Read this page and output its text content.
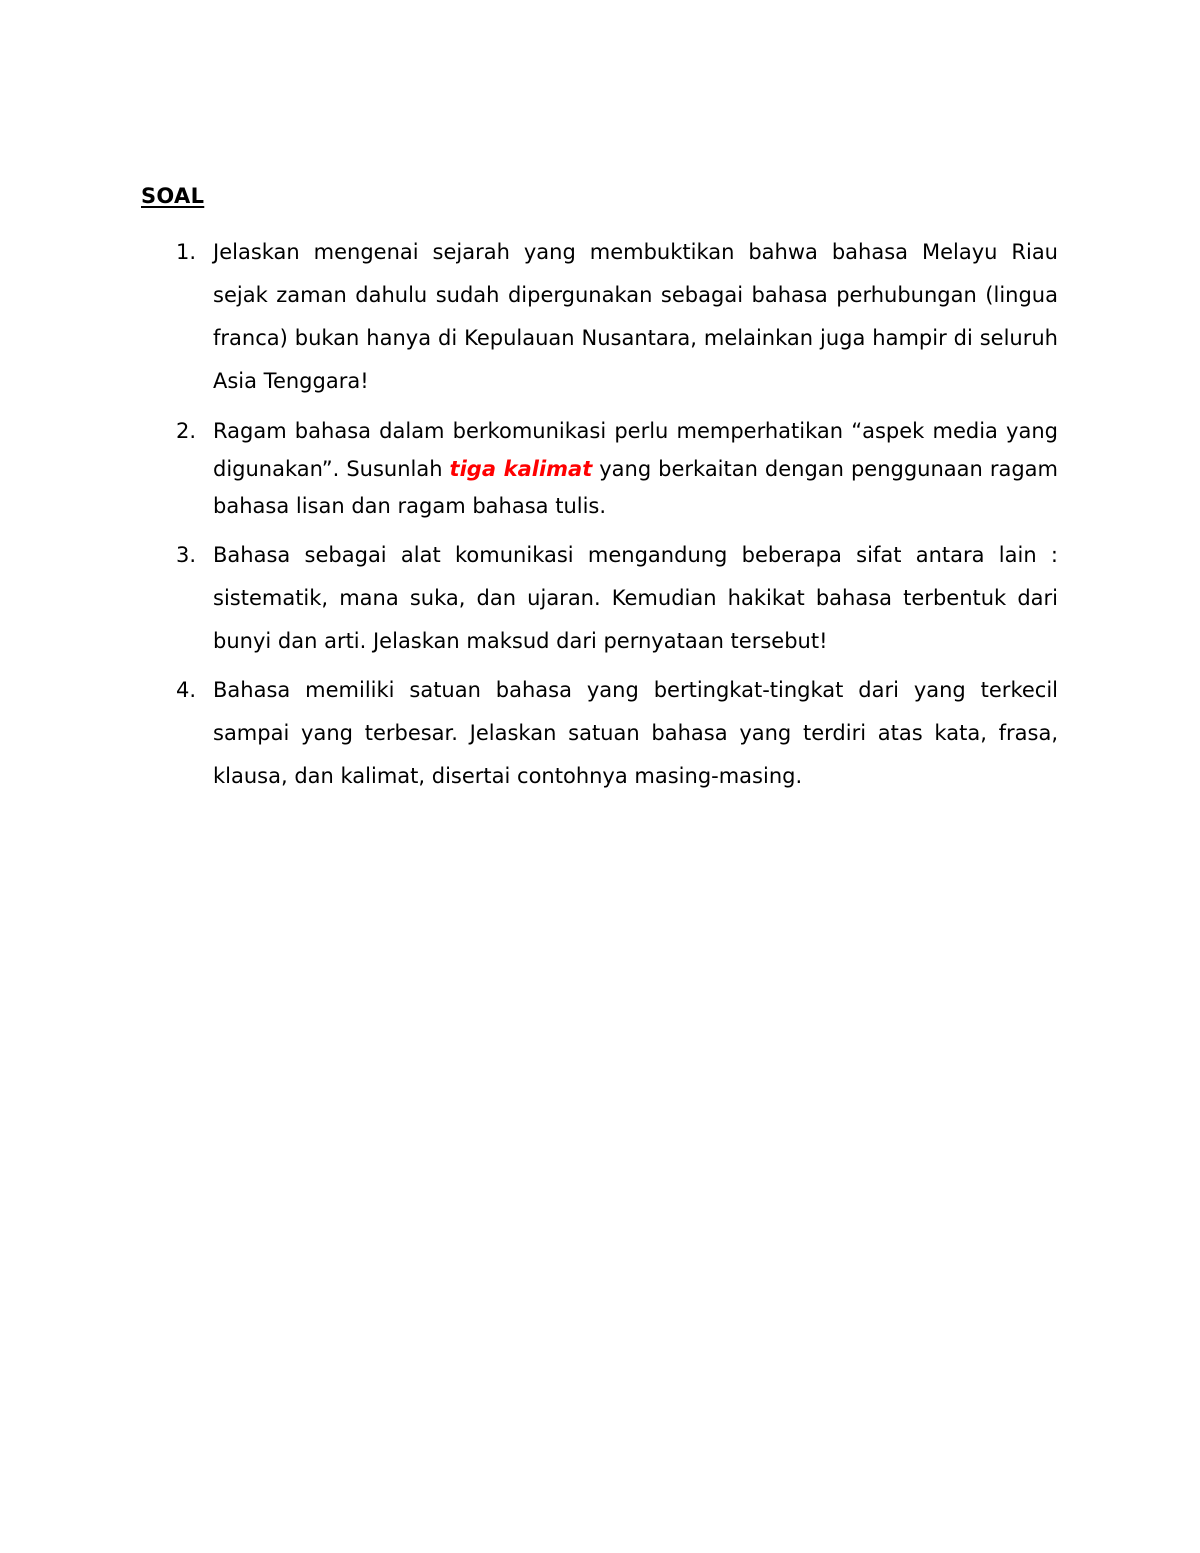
SOAL
1. Jelaskan mengenai sejarah yang membuktikan bahwa bahasa Melayu Riau sejak zaman dahulu sudah dipergunakan sebagai bahasa perhubungan (lingua franca) bukan hanya di Kepulauan Nusantara, melainkan juga hampir di seluruh Asia Tenggara!
2. Ragam bahasa dalam berkomunikasi perlu memperhatikan “aspek media yang digunakan”. Susunlah tiga kalimat yang berkaitan dengan penggunaan ragam bahasa lisan dan ragam bahasa tulis.
3. Bahasa sebagai alat komunikasi mengandung beberapa sifat antara lain : sistematik, mana suka, dan ujaran. Kemudian hakikat bahasa terbentuk dari bunyi dan arti. Jelaskan maksud dari pernyataan tersebut!
4. Bahasa memiliki satuan bahasa yang bertingkat-tingkat dari yang terkecil sampai yang terbesar. Jelaskan satuan bahasa yang terdiri atas kata, frasa, klausa, dan kalimat, disertai contohnya masing-masing.
